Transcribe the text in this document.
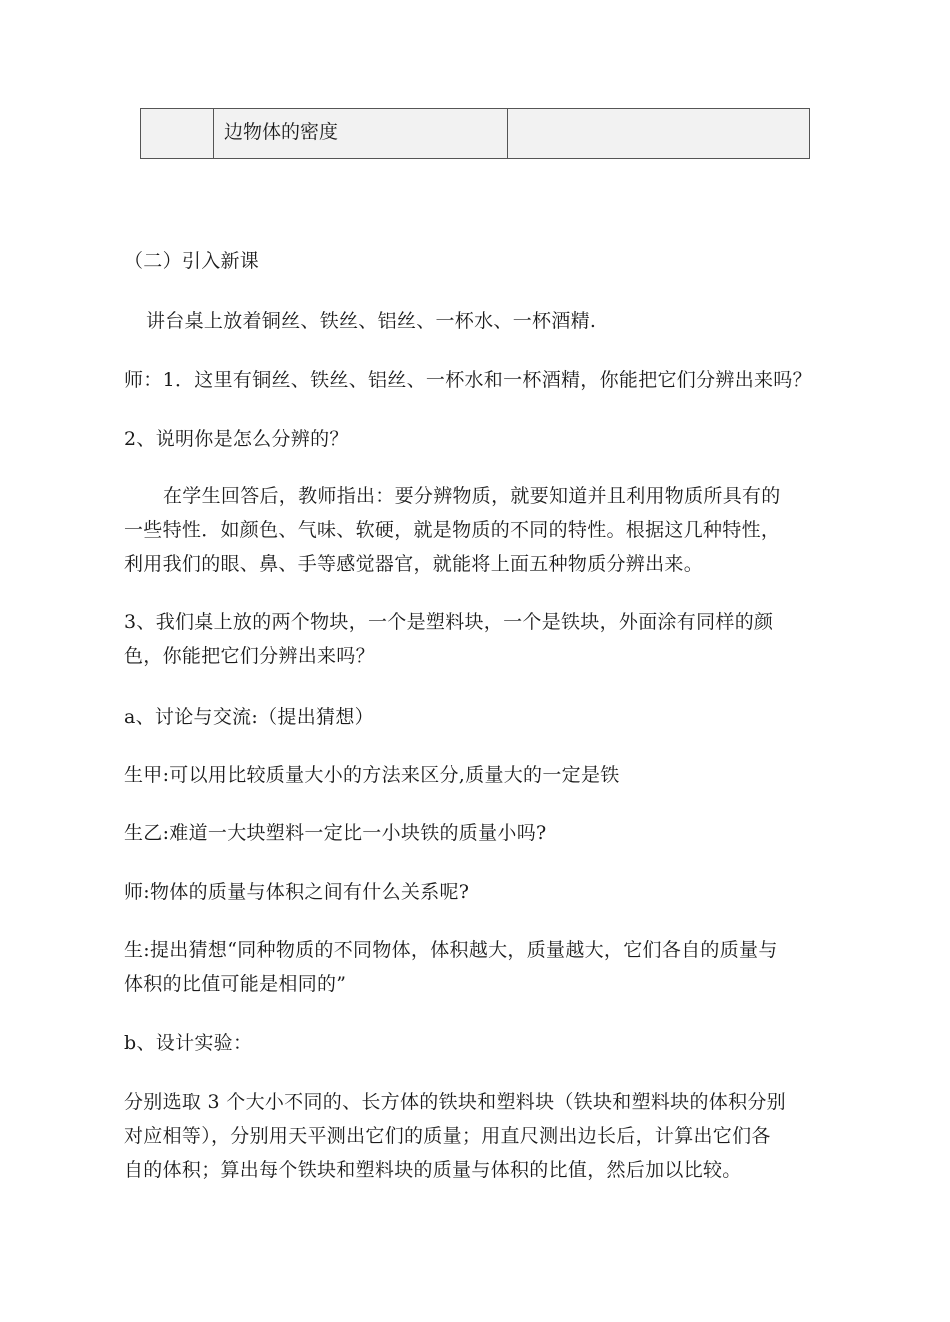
边物体的密度
（二）引入新课
讲台桌上放着铜丝、铁丝、铝丝、一杯水、一杯酒精.
师：1．这里有铜丝、铁丝、铝丝、一杯水和一杯酒精，你能把它们分辨出来吗？
2、说明你是怎么分辨的？
在学生回答后，教师指出：要分辨物质，就要知道并且利用物质所具有的
一些特性．如颜色、气味、软硬，就是物质的不同的特性。根据这几种特性，
利用我们的眼、鼻、手等感觉器官，就能将上面五种物质分辨出来。
3、我们桌上放的两个物块，一个是塑料块，一个是铁块，外面涂有同样的颜
色，你能把它们分辨出来吗？
a、讨论与交流:（提出猜想）
生甲:可以用比较质量大小的方法来区分,质量大的一定是铁
生乙:难道一大块塑料一定比一小块铁的质量小吗?
师:物体的质量与体积之间有什么关系呢?
生:提出猜想“同种物质的不同物体，体积越大，质量越大，它们各自的质量与
体积的比值可能是相同的”
b、设计实验：
分别选取 3 个大小不同的、长方体的铁块和塑料块（铁块和塑料块的体积分别
对应相等），分别用天平测出它们的质量；用直尺测出边长后，计算出它们各
自的体积；算出每个铁块和塑料块的质量与体积的比值，然后加以比较。
